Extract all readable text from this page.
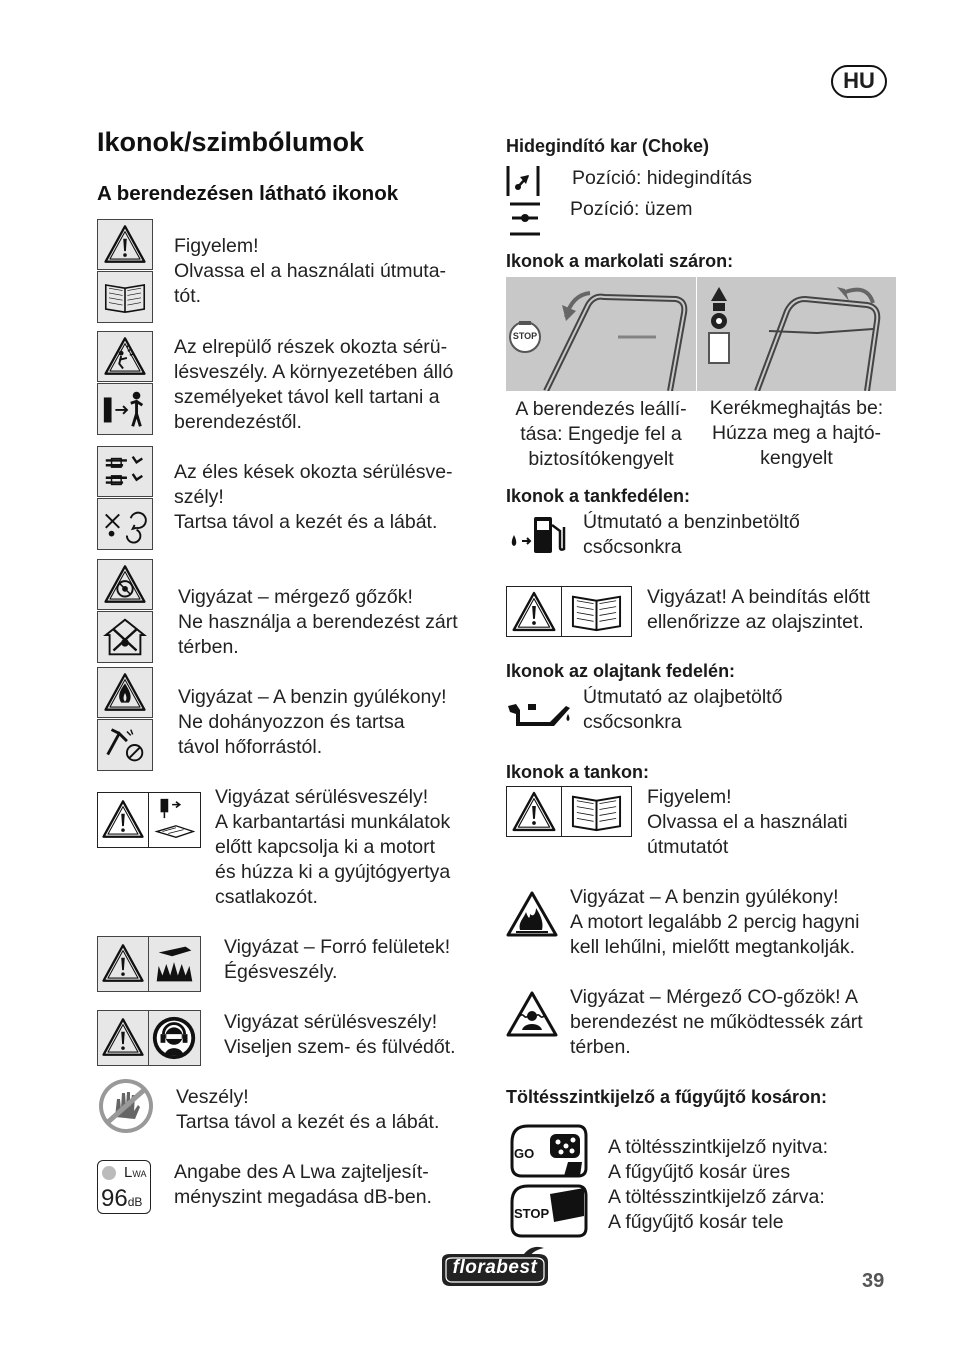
HU
Ikonok/szimbólumok
A berendezésen látható ikonok
Figyelem!
Olvassa el a használati útmuta-
tót.
Az elrepülő részek okozta sérü-
lésveszély. A környezetében álló
személyeket távol kell tartani a
berendezéstől.
Az éles kések okozta sérülésve-
szély!
Tartsa távol a kezét és a lábát.
Vigyázat – mérgező gőzők!
Ne használja a berendezést zárt
térben.
Vigyázat – A benzin gyúlékony!
Ne dohányozzon és tartsa
távol hőforrástól.
Vigyázat sérülésveszély!
A karbantartási munkálatok
előtt kapcsolja ki a motort
és húzza ki a gyújtógyertya
csatlakozót.
Vigyázat – Forró felületek!
Égésveszély.
Vigyázat sérülésveszély!
Viseljen szem- és fülvédőt.
Veszély!
Tartsa távol a kezét és a lábát.
LWA
96dB
Angabe des A Lwa zajteljesít-
ményszint megadása dB-ben.
Hidegindító kar (Choke)
Pozíció: hidegindítás
Pozíció: üzem
Ikonok a markolati száron:
STOP
A berendezés leállí-
tása: Engedje fel a
biztosítókengyelt
Kerékmeghajtás be:
Húzza meg a hajtó-
kengyelt
Ikonok a tankfedélen:
Útmutató a benzinbetöltő
csőcsonkra
Vigyázat! A beindítás előtt
ellenőrizze az olajszintet.
Ikonok az olajtank fedelén:
Útmutató az olajbetöltő
csőcsonkra
Ikonok a tankon:
Figyelem!
Olvassa el a használati
útmutatót
Vigyázat – A benzin gyúlékony!
A motort legalább 2 percig hagyni
kell lehűlni, mielőtt megtankolják.
Vigyázat – Mérgező CO-gőzök! A
berendezést ne működtessék zárt
térben.
Töltésszintkijelző a fűgyűjtő kosáron:
GO
STOP
A töltésszintkijelző nyitva:
A fűgyűjtő kosár üres
A töltésszintkijelző zárva:
A fűgyűjtő kosár tele
florabest
39
